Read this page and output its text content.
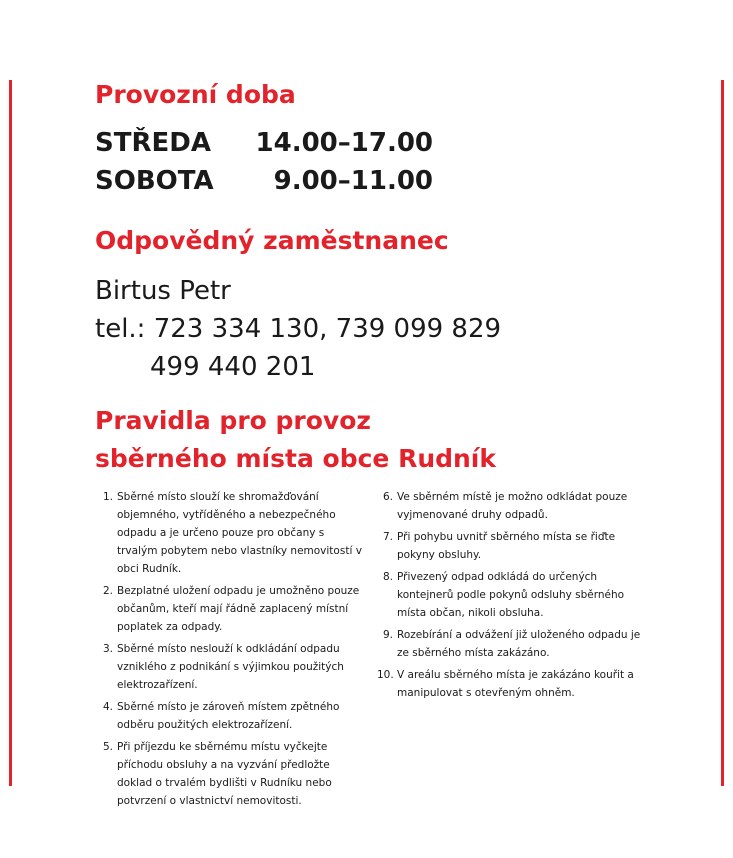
Provozní doba
STŘEDA 14.00–17.00
SOBOTA 9.00–11.00
Odpovědný zaměstnanec
Birtus Petr
tel.: 723 334 130, 739 099 829
499 440 201
Pravidla pro provoz
sběrného místa obce Rudník
1. Sběrné místo slouží ke shromažďování objemného, vytříděného a nebezpečného odpadu a je určeno pouze pro občany s trvalým pobytem nebo vlastníky nemovitostí v obci Rudník.
2. Bezplatné uložení odpadu je umožněno pouze občanům, kteří mají řádně zaplacený místní poplatek za odpady.
3. Sběrné místo neslouží k odkládání odpadu vzniklého z podnikání s výjimkou použitých elektrozařízení.
4. Sběrné místo je zároveň místem zpětného odběru použitých elektrozařízení.
5. Při příjezdu ke sběrnému místu vyčkejte příchodu obsluhy a na vyzvání předložte doklad o trvalém bydlišti v Rudníku nebo potvrzení o vlastnictví nemovitosti.
6. Ve sběrném místě je možno odkládat pouze vyjmenované druhy odpadů.
7. Při pohybu uvnitř sběrného místa se řiďte pokyny obsluhy.
8. Přivezený odpad odkládá do určených kontejnerů podle pokynů odsluhy sběrného místa občan, nikoli obsluha.
9. Rozebírání a odvážení již uloženého odpadu je ze sběrného místa zakázáno.
10. V areálu sběrného místa je zakázáno kouřit a manipulovat s otevřeným ohněm.
